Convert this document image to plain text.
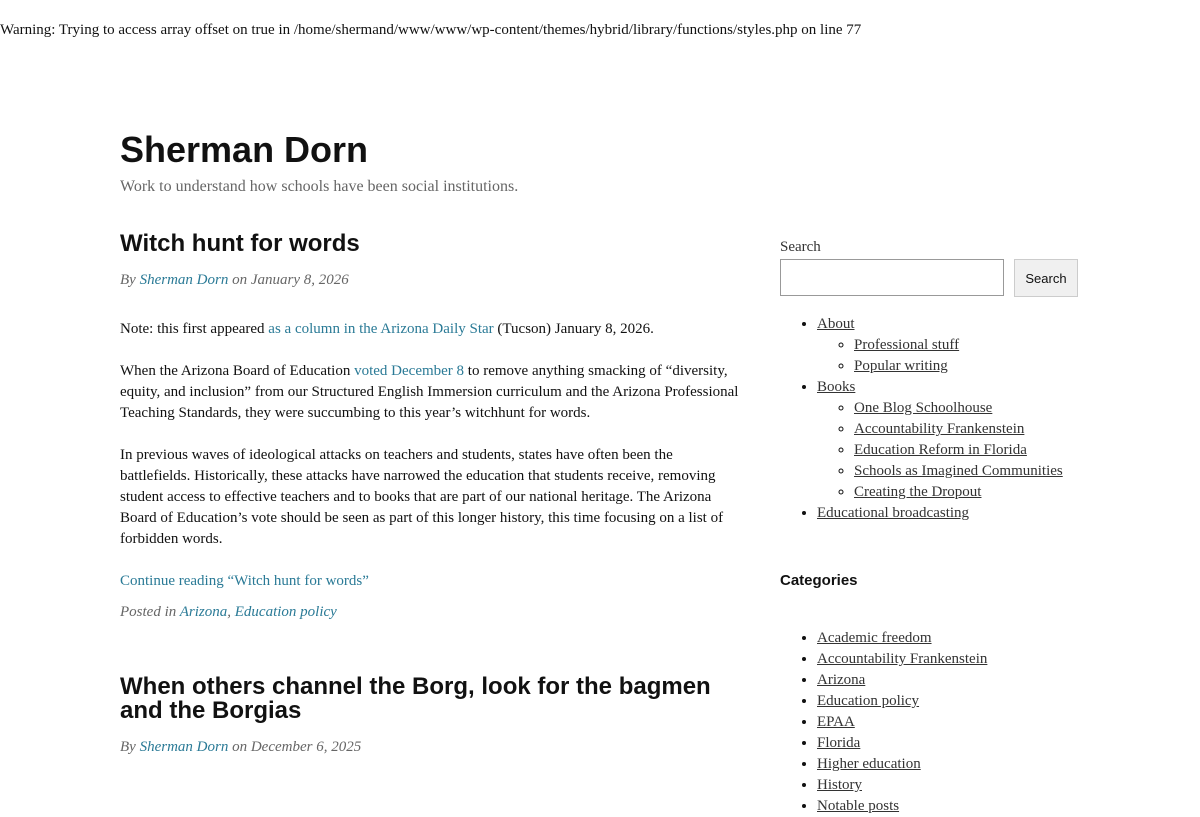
Warning: Trying to access array offset on true in /home/shermand/www/www/wp-content/themes/hybrid/library/functions/styles.php on line 77
Sherman Dorn
Work to understand how schools have been social institutions.
Witch hunt for words
By Sherman Dorn on January 8, 2026

Note: this first appeared as a column in the Arizona Daily Star (Tucson) January 8, 2026.

When the Arizona Board of Education voted December 8 to remove anything smacking of “diversity, equity, and inclusion” from our Structured English Immersion curriculum and the Arizona Professional Teaching Standards, they were succumbing to this year’s witchhunt for words.

In previous waves of ideological attacks on teachers and students, states have often been the battlefields. Historically, these attacks have narrowed the education that students receive, removing student access to effective teachers and to books that are part of our national heritage. The Arizona Board of Education’s vote should be seen as part of this longer history, this time focusing on a list of forbidden words.

Continue reading “Witch hunt for words”
Posted in Arizona, Education policy
When others channel the Borg, look for the bagmen and the Borgias
By Sherman Dorn on December 6, 2025
Search
Search
• About
◦ Professional stuff
◦ Popular writing
• Books
◦ One Blog Schoolhouse
◦ Accountability Frankenstein
◦ Education Reform in Florida
◦ Schools as Imagined Communities
◦ Creating the Dropout
• Educational broadcasting
Categories
• Academic freedom
• Accountability Frankenstein
• Arizona
• Education policy
• EPAA
• Florida
• Higher education
• History
• Notable posts
